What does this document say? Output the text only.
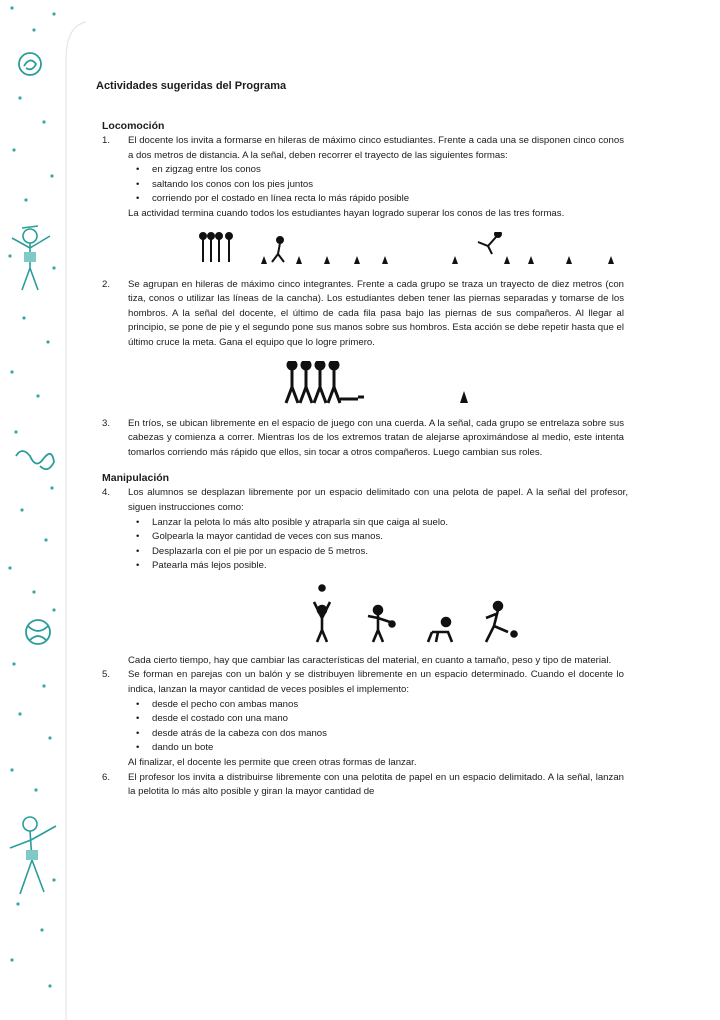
Actividades sugeridas del Programa
Locomoción
1.	El docente los invita a formarse en hileras de máximo cinco estudiantes. Frente a cada una se disponen cinco conos a dos metros de distancia. A la señal, deben recorrer el trayecto de las siguientes formas:

• en zigzag entre los conos
• saltando los conos con los pies juntos
• corriendo por el costado en línea recta lo más rápido posible

La actividad termina cuando todos los estudiantes hayan logrado superar los conos de las tres formas.

2.	Se agrupan en hileras de máximo cinco integrantes. Frente a cada grupo se traza un trayecto de diez metros (con tiza, conos o utilizar las líneas de la cancha). Los estudiantes deben tener las piernas separadas y tomarse de los hombros. A la señal del docente, el último de cada fila pasa bajo las piernas de sus compañeros. Al llegar al principio, se pone de pie y el segundo pone sus manos sobre sus hombros. Esta acción se debe repetir hasta que el último cruce la meta. Gana el equipo que lo logre primero.

3.	En tríos, se ubican libremente en el espacio de juego con una cuerda. A la señal, cada grupo se entrelaza sobre sus cabezas y comienza a correr. Mientras los de los extremos tratan de alejarse aproximándose al medio, este intenta tomarlos corriendo más rápido que ellos, sin tocar a otros compañeros. Luego cambian sus roles.

Manipulación
4.	Los alumnos se desplazan libremente por un espacio delimitado con una pelota de papel. A la señal del profesor, siguen instrucciones como:

• Lanzar la pelota lo más alto posible y atraparla sin que caiga al suelo.
• Golpearla la mayor cantidad de veces con sus manos.
• Desplazarla con el pie por un espacio de 5 metros.
• Patearla más lejos posible.

Cada cierto tiempo, hay que cambiar las características del material, en cuanto a tamaño, peso y tipo de material.

5.	Se forman en parejas con un balón y se distribuyen libremente en un espacio determinado. Cuando el docente lo indica, lanzan la mayor cantidad de veces posibles el implemento:

• desde el pecho con ambas manos
• desde el costado con una mano
• desde atrás de la cabeza con dos manos
• dando un bote

Al finalizar, el docente les permite que creen otras formas de lanzar.

6.	El profesor los invita a distribuirse libremente con una pelotita de papel en un espacio delimitado. A la señal, lanzan la pelotita lo más alto posible y giran la mayor cantidad de
